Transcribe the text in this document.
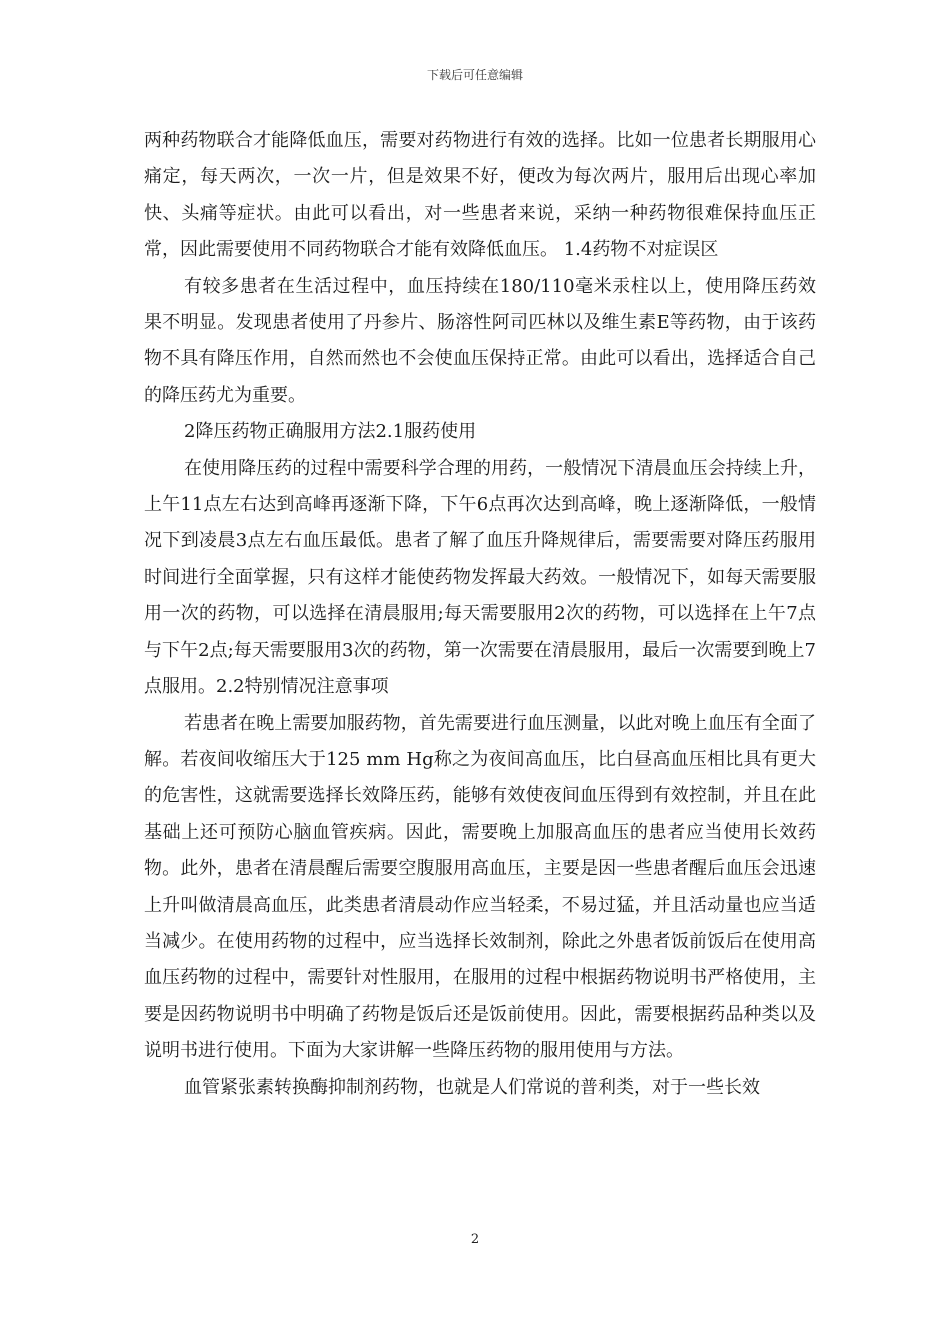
下载后可任意编辑

两种药物联合才能降低血压，需要对药物进行有效的选择。比如一位患者长期服用心痛定，每天两次，一次一片，但是效果不好，便改为每次两片，服用后出现心率加快、头痛等症状。由此可以看出，对一些患者来说，采纳一种药物很难保持血压正常，因此需要使用不同药物联合才能有效降低血压。 1.4药物不对症误区

有较多患者在生活过程中，血压持续在180/110毫米汞柱以上，使用降压药效果不明显。发现患者使用了丹参片、肠溶性阿司匹林以及维生素E等药物，由于该药物不具有降压作用，自然而然也不会使血压保持正常。由此可以看出，选择适合自己的降压药尤为重要。

2降压药物正确服用方法2.1服药使用

在使用降压药的过程中需要科学合理的用药，一般情况下清晨血压会持续上升，上午11点左右达到高峰再逐渐下降，下午6点再次达到高峰，晚上逐渐降低，一般情况下到凌晨3点左右血压最低。患者了解了血压升降规律后，需要需要对降压药服用时间进行全面掌握，只有这样才能使药物发挥最大药效。一般情况下，如每天需要服用一次的药物，可以选择在清晨服用;每天需要服用2次的药物，可以选择在上午7点与下午2点;每天需要服用3次的药物，第一次需要在清晨服用，最后一次需要到晚上7点服用。2.2特别情况注意事项

若患者在晚上需要加服药物，首先需要进行血压测量，以此对晚上血压有全面了解。若夜间收缩压大于125 mm Hg称之为夜间高血压，比白昼高血压相比具有更大的危害性，这就需要选择长效降压药，能够有效使夜间血压得到有效控制，并且在此基础上还可预防心脑血管疾病。因此，需要晚上加服高血压的患者应当使用长效药物。此外，患者在清晨醒后需要空腹服用高血压，主要是因一些患者醒后血压会迅速上升叫做清晨高血压，此类患者清晨动作应当轻柔，不易过猛，并且活动量也应当适当减少。在使用药物的过程中，应当选择长效制剂，除此之外患者饭前饭后在使用高血压药物的过程中，需要针对性服用，在服用的过程中根据药物说明书严格使用，主要是因药物说明书中明确了药物是饭后还是饭前使用。因此，需要根据药品种类以及说明书进行使用。下面为大家讲解一些降压药物的服用使用与方法。

血管紧张素转换酶抑制剂药物，也就是人们常说的普利类，对于一些长效

2
